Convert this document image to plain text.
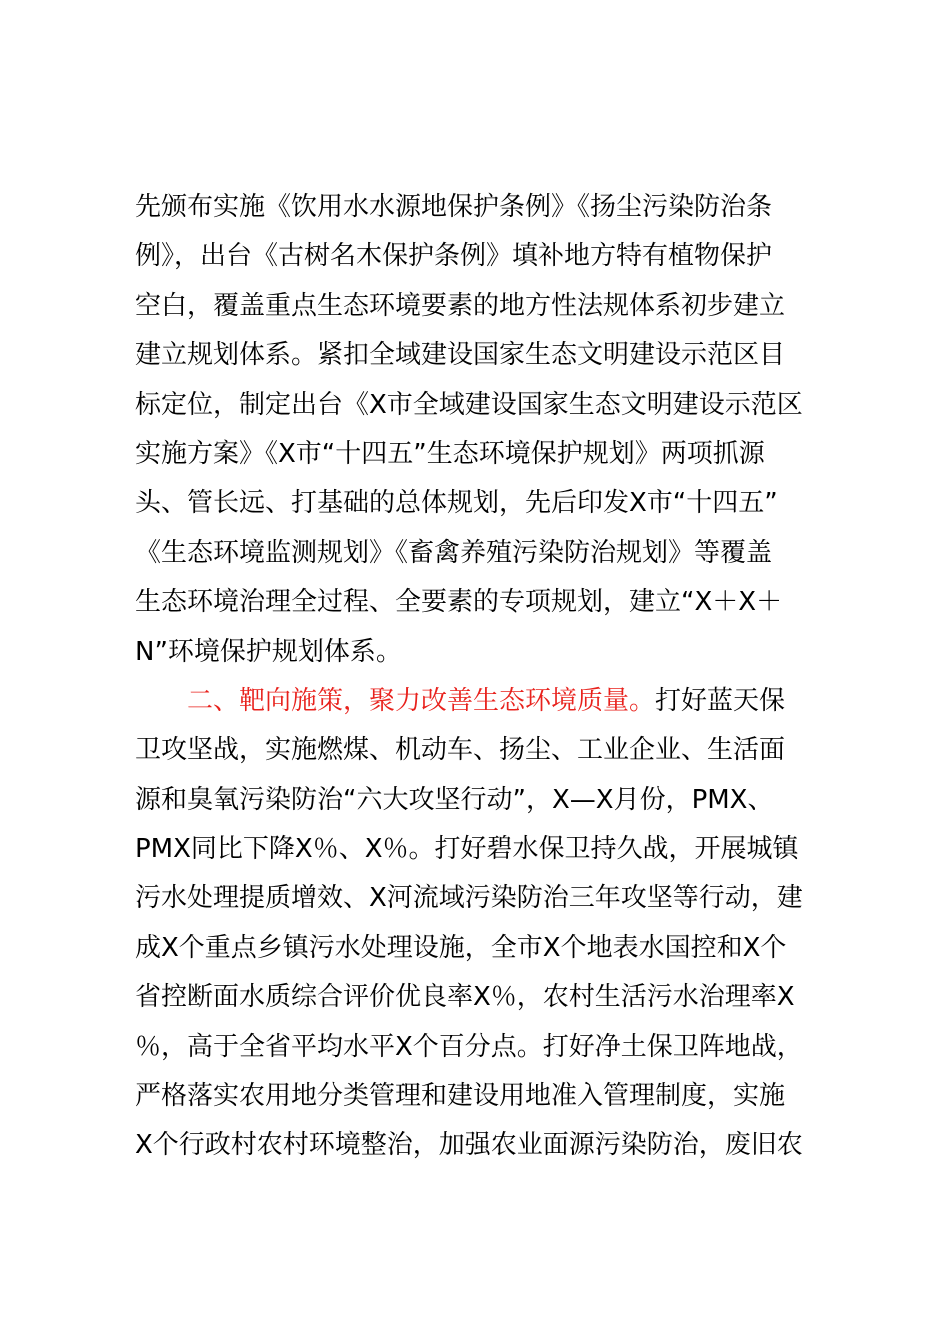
先颁布实施《饮用水水源地保护条例》《扬尘污染防治条
例》，出台《古树名木保护条例》填补地方特有植物保护
空白，覆盖重点生态环境要素的地方性法规体系初步建立
建立规划体系。紧扣全域建设国家生态文明建设示范区目
标定位，制定出台《X市全域建设国家生态文明建设示范区
实施方案》《X市“十四五”生态环境保护规划》两项抓源
头、管长远、打基础的总体规划，先后印发X市“十四五”
《生态环境监测规划》《畜禽养殖污染防治规划》等覆盖
生态环境治理全过程、全要素的专项规划，建立“X＋X＋
N”环境保护规划体系。
  二、靶向施策，聚力改善生态环境质量。打好蓝天保
卫攻坚战，实施燃煤、机动车、扬尘、工业企业、生活面
源和臭氧污染防治“六大攻坚行动”，X—X月份，PMX、
PMX同比下降X％、X％。打好碧水保卫持久战，开展城镇
污水处理提质增效、X河流域污染防治三年攻坚等行动，建
成X个重点乡镇污水处理设施，全市X个地表水国控和X个
省控断面水质综合评价优良率X％，农村生活污水治理率X
％，高于全省平均水平X个百分点。打好净土保卫阵地战，
严格落实农用地分类管理和建设用地准入管理制度，实施
X个行政村农村环境整治，加强农业面源污染防治，废旧农
